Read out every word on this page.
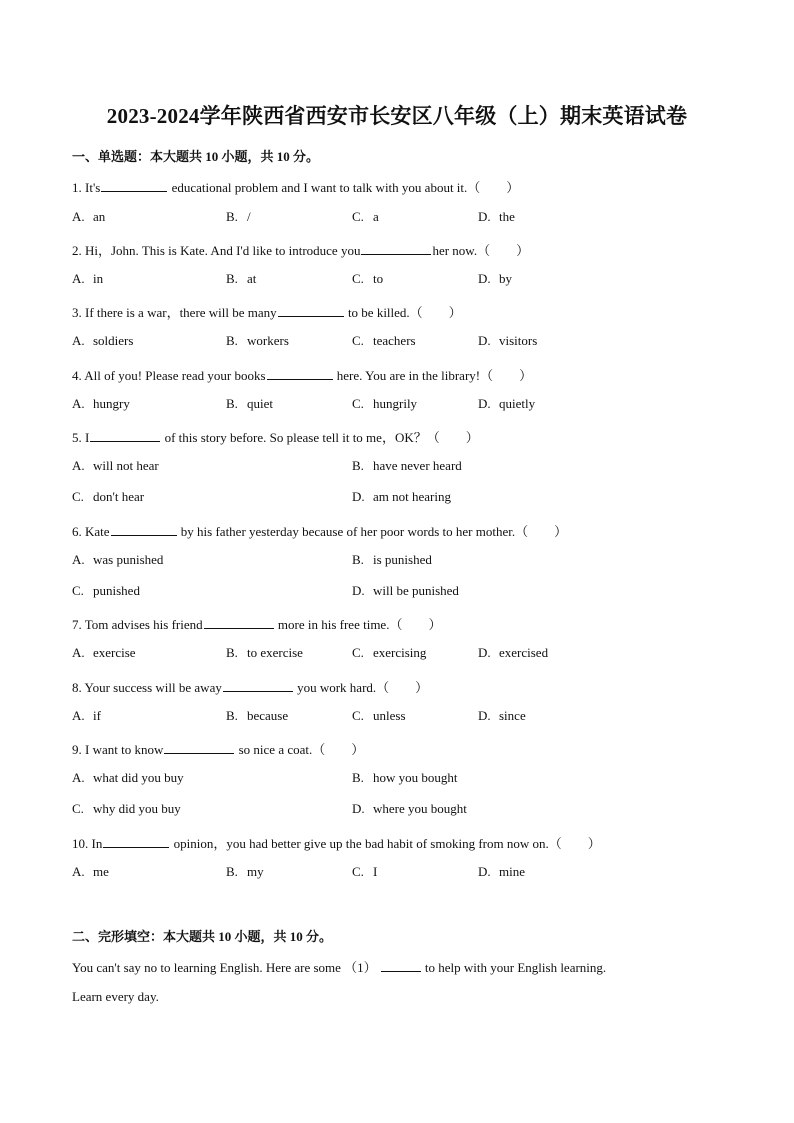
2023-2024学年陕西省西安市长安区八年级（上）期末英语试卷
一、单选题：本大题共 10 小题，共 10 分。
1. It's	educational problem and I want to talk with you about it.（　　）
A. an	B. /	C. a	D. the
2. Hi，John. This is Kate. And I'd like to introduce you	her now.（　　）
A. in	B. at	C. to	D. by
3. If there is a war，there will be many	to be killed.（　　）
A. soldiers	B. workers	C. teachers	D. visitors
4. All of you! Please read your books	here. You are in the library!（　　）
A. hungry	B. quiet	C. hungrily	D. quietly
5. I	of this story before. So please tell it to me，OK？（　　）
A. will not hear	B. have never heard
C. don't hear	D. am not hearing
6. Kate	by his father yesterday because of her poor words to her mother.（　　）
A. was punished	B. is punished
C. punished	D. will be punished
7. Tom advises his friend	more in his free time.（　　）
A. exercise	B. to exercise	C. exercising	D. exercised
8. Your success will be away	you work hard.（　　）
A. if	B. because	C. unless	D. since
9. I want to know	so nice a coat.（　　）
A. what did you buy	B. how you bought
C. why did you buy	D. where you bought
10. In	opinion，you had better give up the bad habit of smoking from now on.（　　）
A. me	B. my	C. I	D. mine
二、完形填空：本大题共 10 小题，共 10 分。
You can't say no to learning English. Here are some （1）	to help with your English learning.
Learn every day.
